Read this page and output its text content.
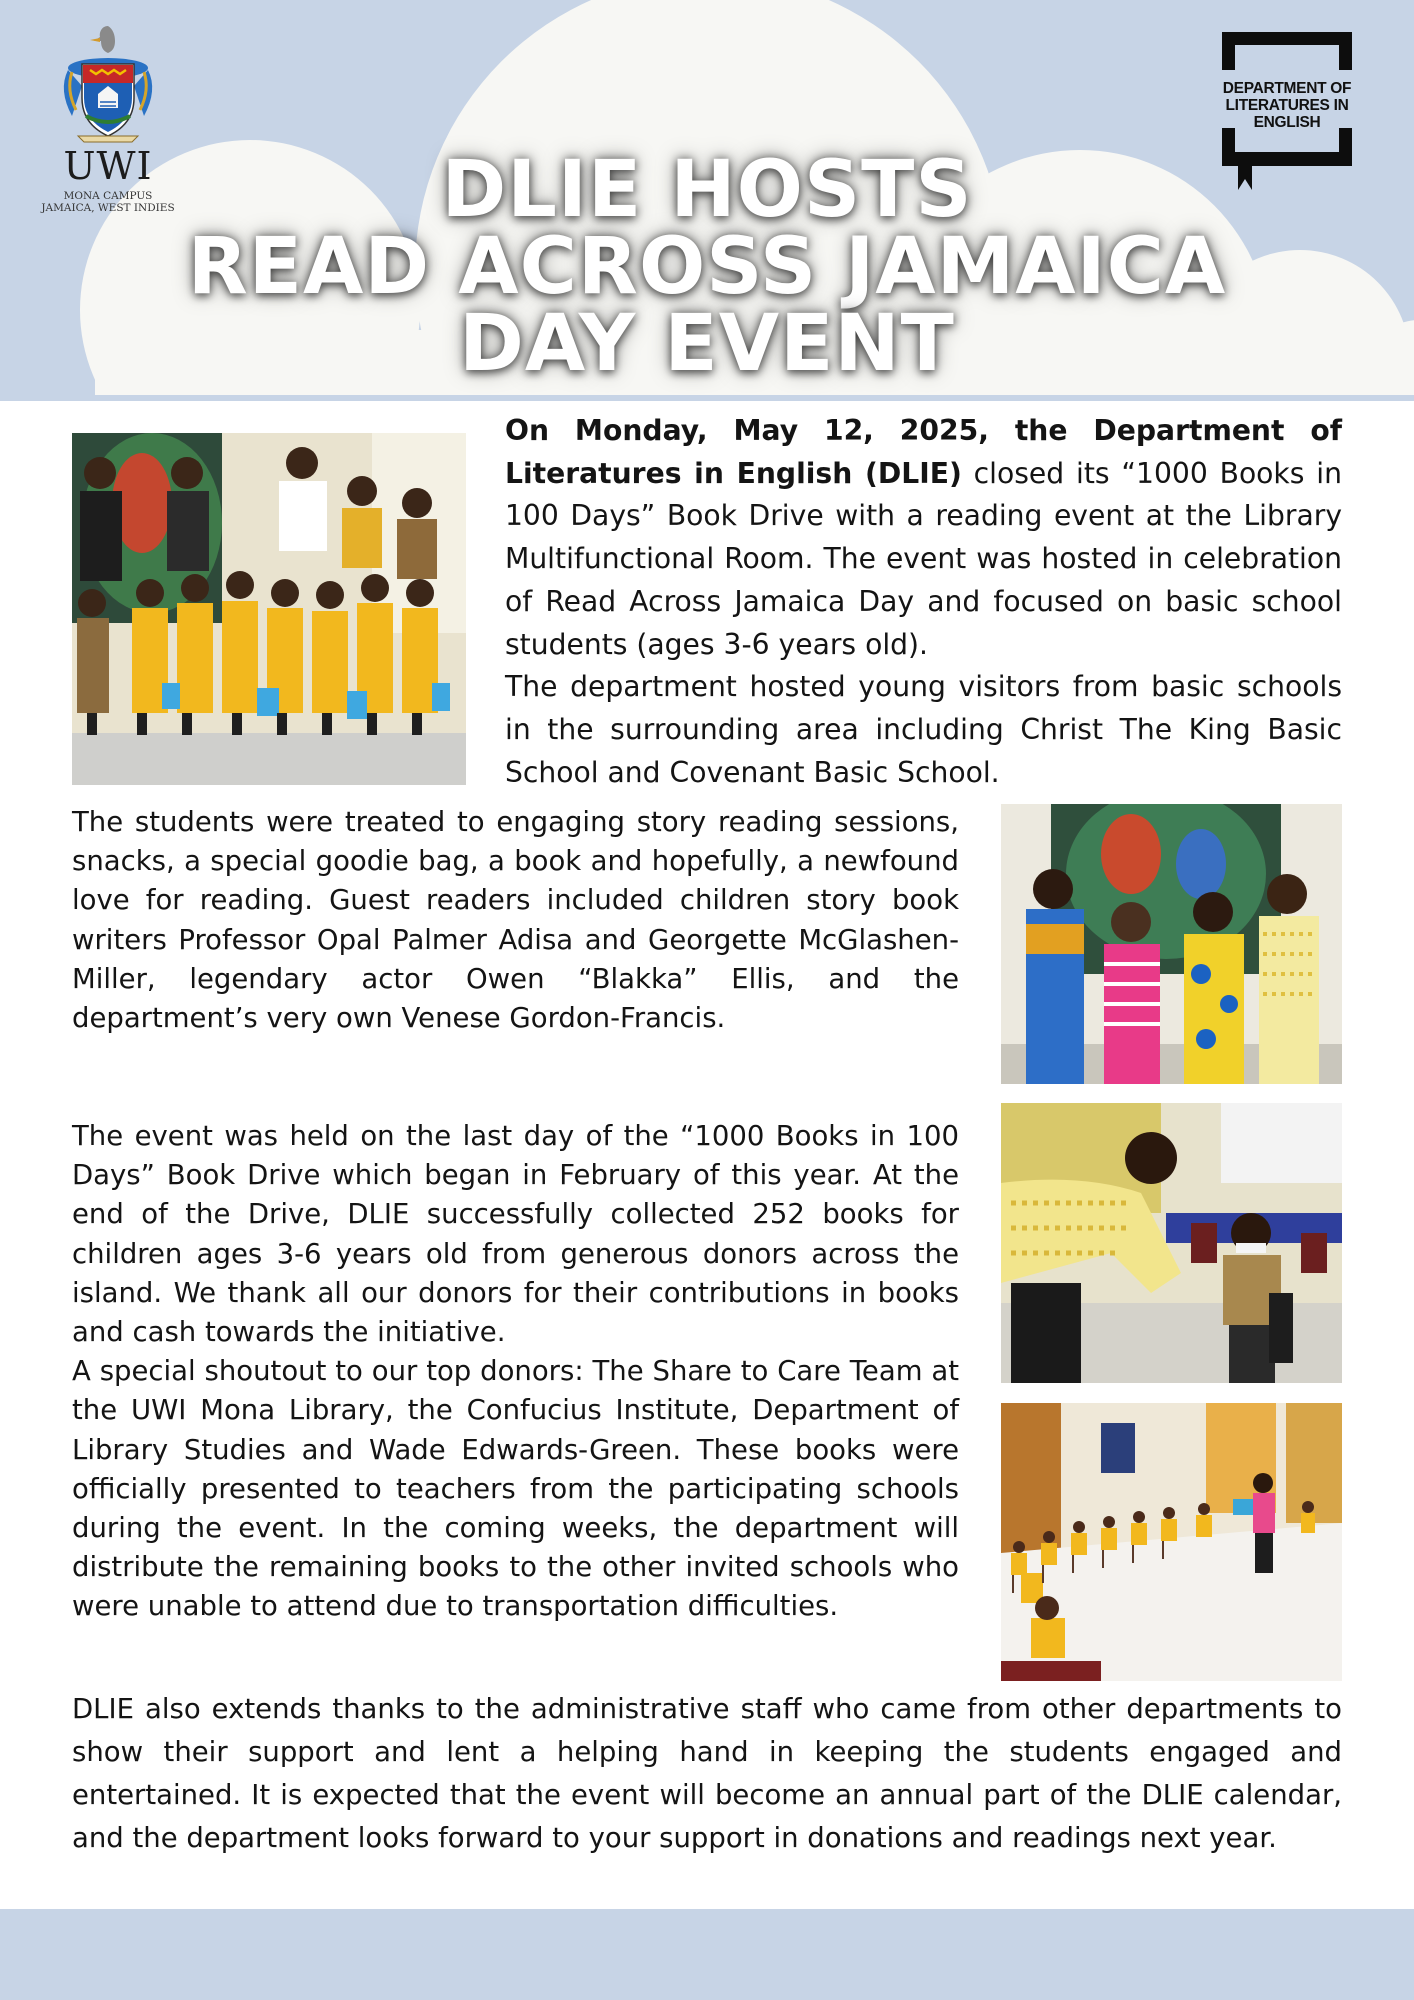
UWI
MONA CAMPUS
JAMAICA, WEST INDIES
DEPARTMENT OF
LITERATURES IN
ENGLISH
DLIE HOSTS
READ ACROSS JAMAICA
DAY EVENT

On Monday, May 12, 2025, the Department of Literatures in English (DLIE) closed its “1000 Books in 100 Days” Book Drive with a reading event at the Library Multifunctional Room. The event was hosted in celebration of Read Across Jamaica Day and focused on basic school students (ages 3-6 years old).
The department hosted young visitors from basic schools in the surrounding area including Christ The King Basic School and Covenant Basic School.

The students were treated to engaging story reading sessions, snacks, a special goodie bag, a book and hopefully, a newfound love for reading. Guest readers included children story book writers Professor Opal Palmer Adisa and Georgette McGlashen-Miller, legendary actor Owen “Blakka” Ellis, and the department’s very own Venese Gordon-Francis.

The event was held on the last day of the “1000 Books in 100 Days” Book Drive which began in February of this year. At the end of the Drive, DLIE successfully collected 252 books for children ages 3-6 years old from generous donors across the island. We thank all our donors for their contributions in books and cash towards the initiative.
A special shoutout to our top donors: The Share to Care Team at the UWI Mona Library, the Confucius Institute, Department of Library Studies and Wade Edwards-Green. These books were officially presented to teachers from the participating schools during the event. In the coming weeks, the department will distribute the remaining books to the other invited schools who were unable to attend due to transportation difficulties.

DLIE also extends thanks to the administrative staff who came from other departments to show their support and lent a helping hand in keeping the students engaged and entertained. It is expected that the event will become an annual part of the DLIE calendar, and the department looks forward to your support in donations and readings next year.
